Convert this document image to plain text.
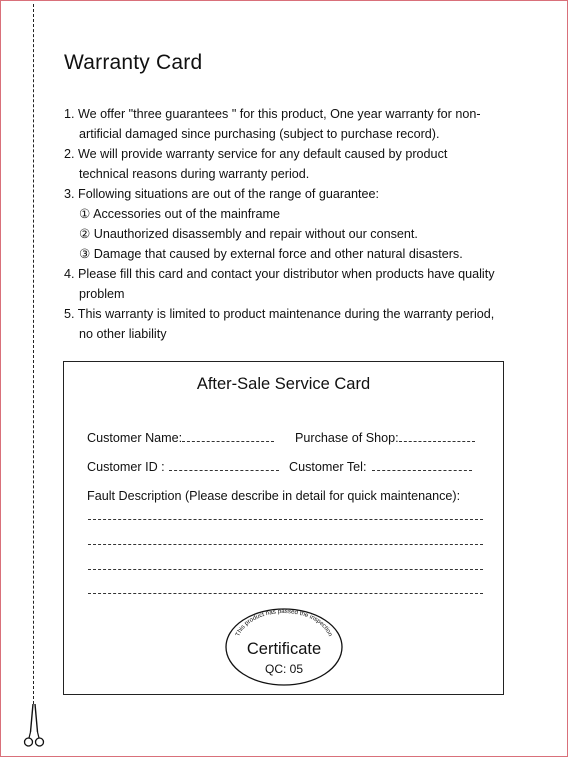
Warranty Card
1. We offer "three guarantees " for this product, One year warranty for non-
artificial damaged since purchasing (subject to purchase record).
2. We will provide warranty service for any default caused by product
technical reasons during warranty period.
3. Following situations are out of the range of guarantee:
① Accessories out of the mainframe
② Unauthorized disassembly and repair without our consent.
③ Damage that caused by external force and other natural disasters.
4. Please fill this card and contact your distributor when products have quality
problem
5. This warranty is limited to product maintenance during the warranty period,
no other liability
After-Sale Service Card
Customer Name:	Purchase of Shop:
Customer ID :	Customer Tel:
Fault Description (Please describe in detail for quick maintenance):
This product has passed the inspection
Certificate
QC: 05
